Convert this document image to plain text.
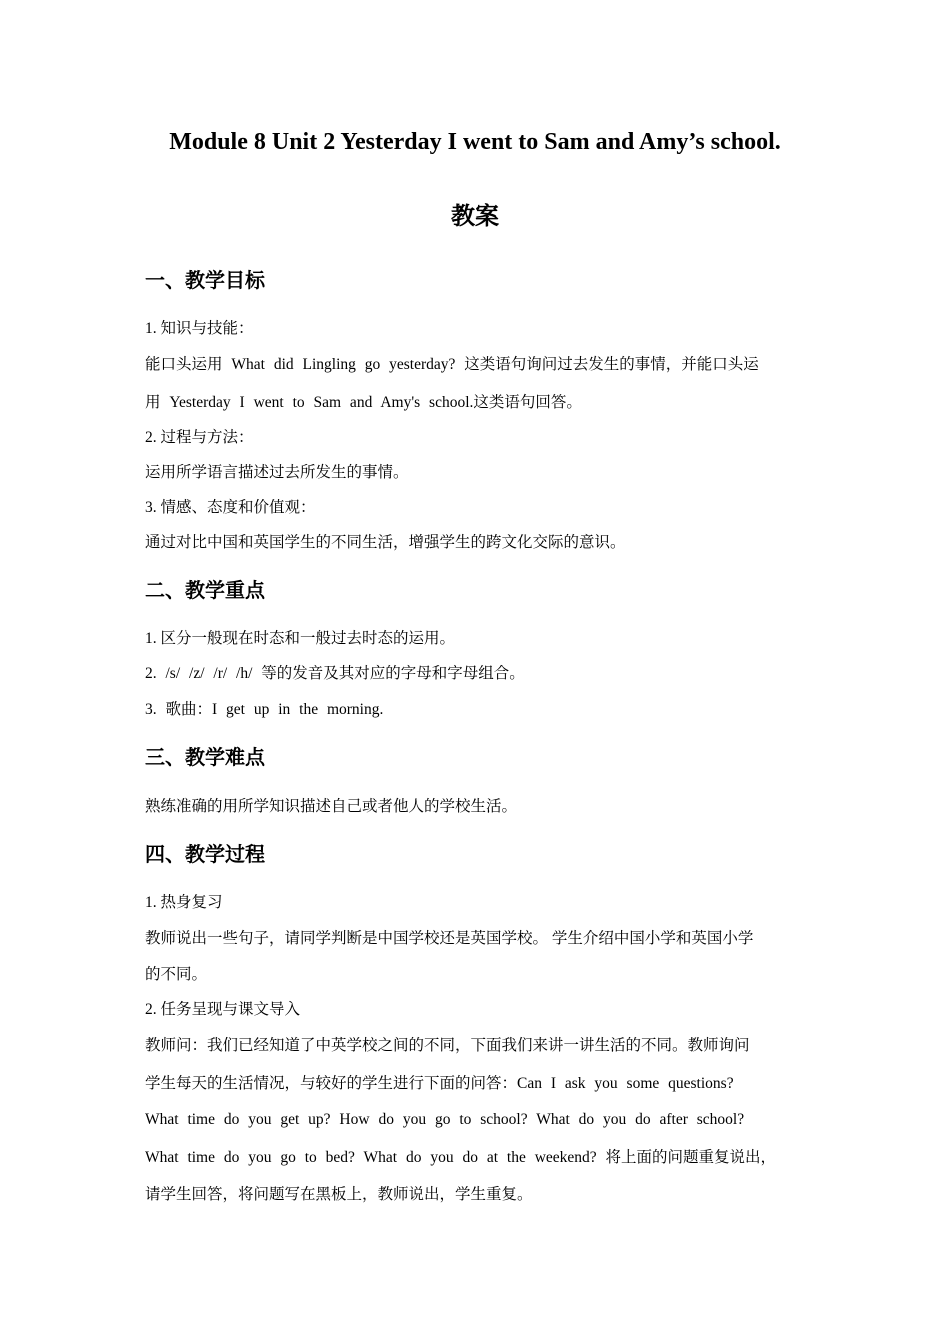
Module 8 Unit 2 Yesterday I went to Sam and Amy’s school.
教案
一、教学目标
1. 知识与技能：
能口头运用 What did Lingling go yesterday? 这类语句询问过去发生的事情，并能口头运
用 Yesterday I went to Sam and Amy's school.这类语句回答。
2. 过程与方法：
运用所学语言描述过去所发生的事情。
3. 情感、态度和价值观：
通过对比中国和英国学生的不同生活，增强学生的跨文化交际的意识。
二、教学重点
1. 区分一般现在时态和一般过去时态的运用。
2. /s/ /z/ /r/ /h/ 等的发音及其对应的字母和字母组合。
3. 歌曲：I get up in the morning.
三、教学难点
熟练准确的用所学知识描述自己或者他人的学校生活。
四、教学过程
1. 热身复习
教师说出一些句子，请同学判断是中国学校还是英国学校。 学生介绍中国小学和英国小学
的不同。
2. 任务呈现与课文导入
教师问：我们已经知道了中英学校之间的不同，下面我们来讲一讲生活的不同。教师询问
学生每天的生活情况，与较好的学生进行下面的问答：Can I ask you some questions?
What time do you get up? How do you go to school? What do you do after school?
What time do you go to bed? What do you do at the weekend? 将上面的问题重复说出，
请学生回答，将问题写在黑板上，教师说出，学生重复。
